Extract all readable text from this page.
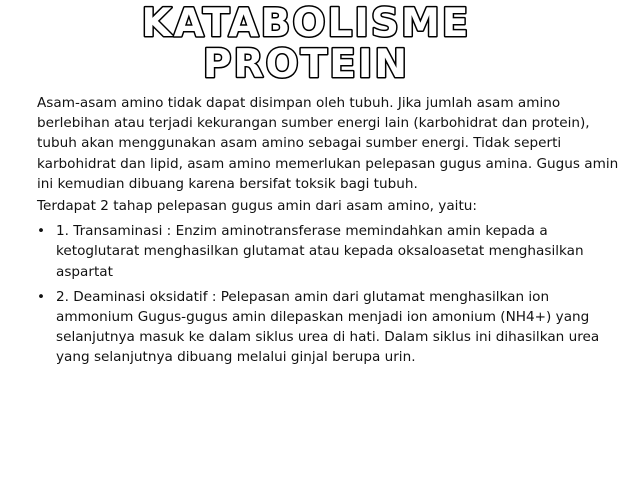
KATABOLISME
PROTEIN

Asam-asam amino tidak dapat disimpan oleh tubuh. Jika jumlah asam amino berlebihan atau terjadi kekurangan sumber energi lain (karbohidrat dan protein), tubuh akan menggunakan asam amino sebagai sumber energi. Tidak seperti karbohidrat dan lipid, asam amino memerlukan pelepasan gugus amina. Gugus amin ini kemudian dibuang karena bersifat toksik bagi tubuh.

Terdapat 2 tahap pelepasan gugus amin dari asam amino, yaitu:

• 1. Transaminasi : Enzim aminotransferase memindahkan amin kepada a ketoglutarat menghasilkan glutamat atau kepada oksaloasetat menghasilkan aspartat
• 2. Deaminasi oksidatif : Pelepasan amin dari glutamat menghasilkan ion ammonium Gugus-gugus amin dilepaskan menjadi ion amonium (NH4+) yang selanjutnya masuk ke dalam siklus urea di hati. Dalam siklus ini dihasilkan urea yang selanjutnya dibuang melalui ginjal berupa urin.
